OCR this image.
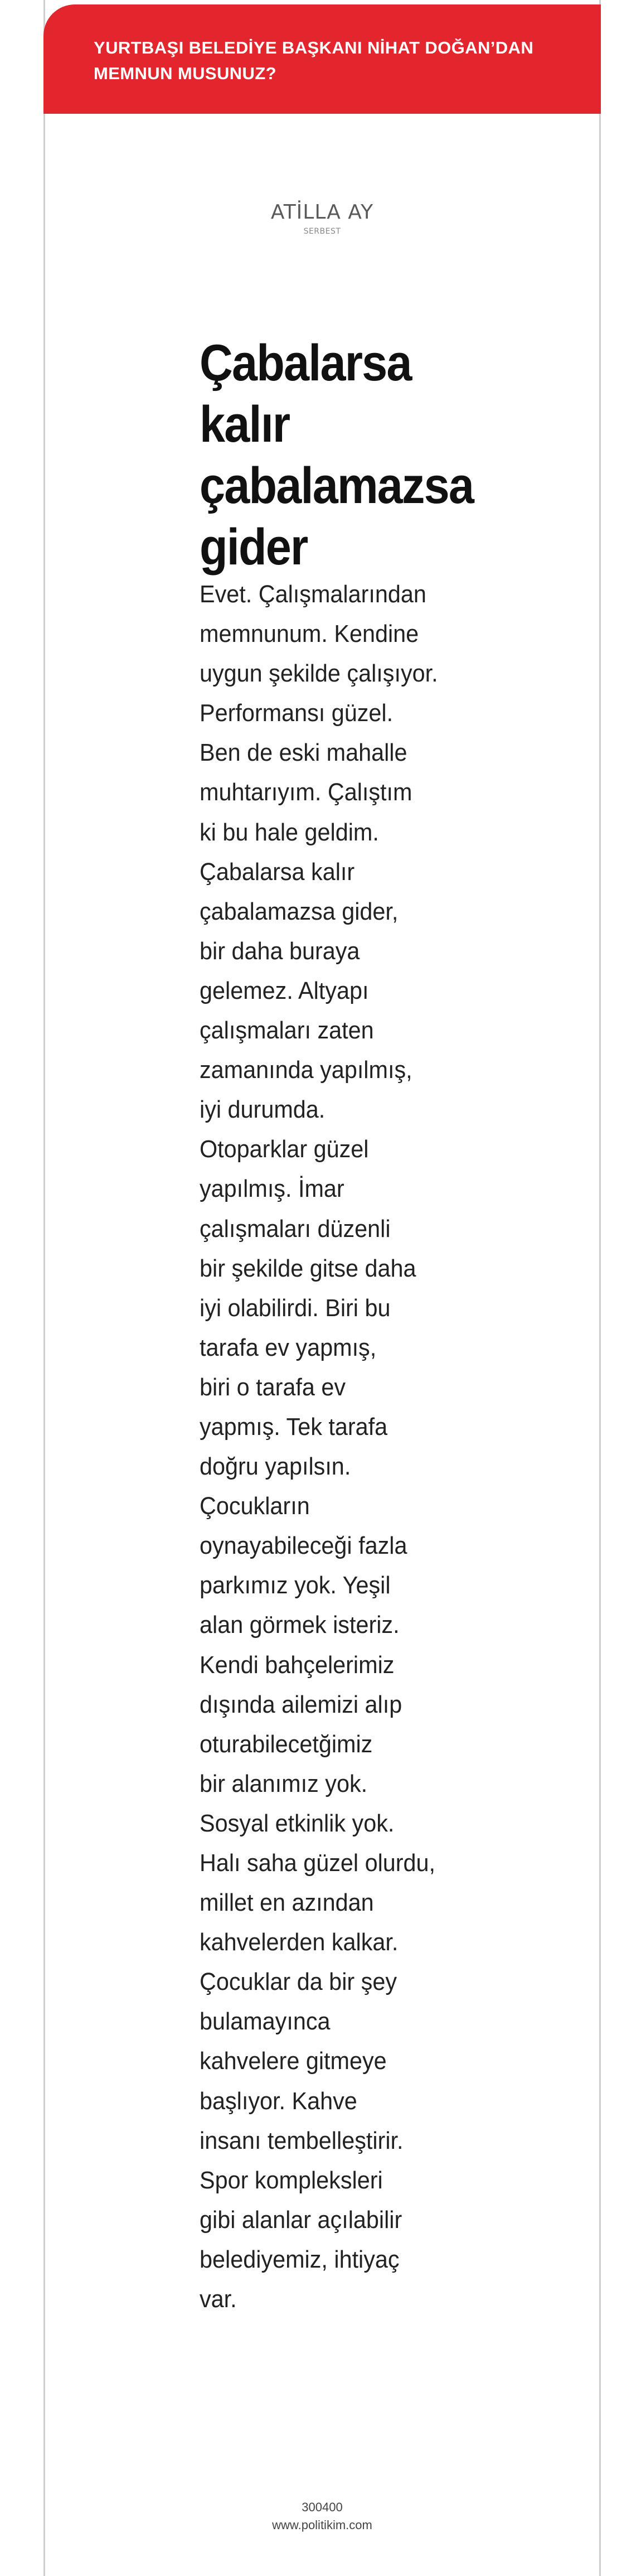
YURTBAŞI BELEDİYE BAŞKANI NİHAT DOĞAN’DAN
MEMNUN MUSUNUZ?
ATİLLA AY
SERBEST
Çabalarsa
kalır
çabalamazsa
gider
Evet. Çalışmalarından
memnunum. Kendine
uygun şekilde çalışıyor.
Performansı güzel.
Ben de eski mahalle
muhtarıyım. Çalıştım
ki bu hale geldim.
Çabalarsa kalır
çabalamazsa gider,
bir daha buraya
gelemez. Altyapı
çalışmaları zaten
zamanında yapılmış,
iyi durumda.
Otoparklar güzel
yapılmış. İmar
çalışmaları düzenli
bir şekilde gitse daha
iyi olabilirdi. Biri bu
tarafa ev yapmış,
biri o tarafa ev
yapmış. Tek tarafa
doğru yapılsın.
Çocukların
oynayabileceği fazla
parkımız yok. Yeşil
alan görmek isteriz.
Kendi bahçelerimiz
dışında ailemizi alıp
oturabilecetğimiz
bir alanımız yok.
Sosyal etkinlik yok.
Halı saha güzel olurdu,
millet en azından
kahvelerden kalkar.
Çocuklar da bir şey
bulamayınca
kahvelere gitmeye
başlıyor. Kahve
insanı tembelleştirir.
Spor kompleksleri
gibi alanlar açılabilir
belediyemiz, ihtiyaç
var.
300400
www.politikim.com
